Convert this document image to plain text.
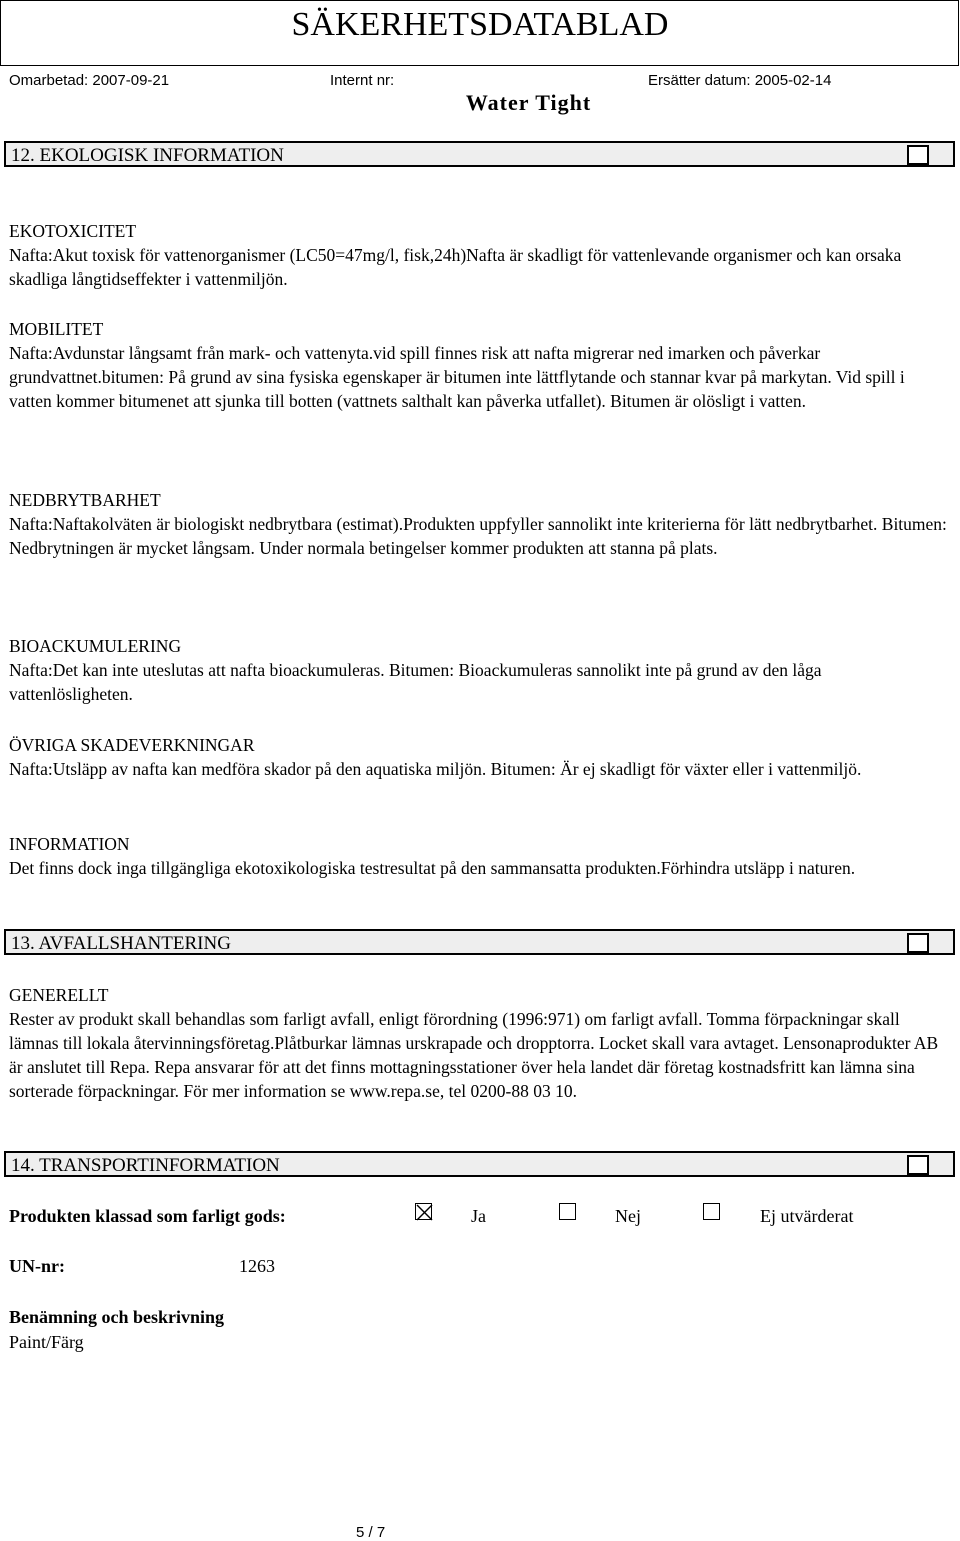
SÄKERHETSDATABLAD
Omarbetad: 2007-09-21	Internt nr:	Ersätter datum: 2005-02-14
Water Tight
12. EKOLOGISK INFORMATION
EKOTOXICITET
Nafta:Akut toxisk för vattenorganismer (LC50=47mg/l, fisk,24h)Nafta är skadligt för vattenlevande organismer och kan orsaka skadliga långtidseffekter i vattenmiljön.
MOBILITET
Nafta:Avdunstar långsamt från mark- och vattenyta.vid spill finnes risk att nafta migrerar ned imarken och påverkar grundvattnet.bitumen: På grund av sina fysiska egenskaper är bitumen inte lättflytande och stannar kvar på markytan. Vid spill i vatten kommer bitumenet att sjunka till botten (vattnets salthalt kan påverka utfallet). Bitumen är olösligt i vatten.
NEDBRYTBARHET
Nafta:Naftakolväten är biologiskt nedbrytbara (estimat).Produkten uppfyller sannolikt inte kriterierna för lätt nedbrytbarhet. Bitumen: Nedbrytningen är mycket långsam. Under normala betingelser kommer produkten att stanna på plats.
BIOACKUMULERING
Nafta:Det kan inte uteslutas att nafta bioackumuleras. Bitumen: Bioackumuleras sannolikt inte på grund av den låga vattenlösligheten.
ÖVRIGA SKADEVERKNINGAR
Nafta:Utsläpp av nafta kan medföra skador på den aquatiska miljön. Bitumen: Är ej skadligt för växter eller i vattenmiljö.
INFORMATION
Det finns dock inga tillgängliga ekotoxikologiska testresultat på den sammansatta produkten.Förhindra utsläpp i naturen.
13. AVFALLSHANTERING
GENERELLT
Rester av produkt skall behandlas som farligt avfall, enligt förordning (1996:971) om farligt avfall. Tomma förpackningar skall lämnas till lokala återvinningsföretag.Plåtburkar lämnas urskrapade och dropptorra. Locket skall vara avtaget. Lensonaprodukter AB är anslutet till Repa. Repa ansvarar för att det finns mottagningsstationer över hela landet där företag kostnadsfritt kan lämna sina sorterade förpackningar. För mer information se www.repa.se, tel 0200-88 03 10.
14. TRANSPORTINFORMATION
Produkten klassad som farligt gods:	Ja	Nej	Ej utvärderat
UN-nr:	1263
Benämning och beskrivning
Paint/Färg
5 / 7
